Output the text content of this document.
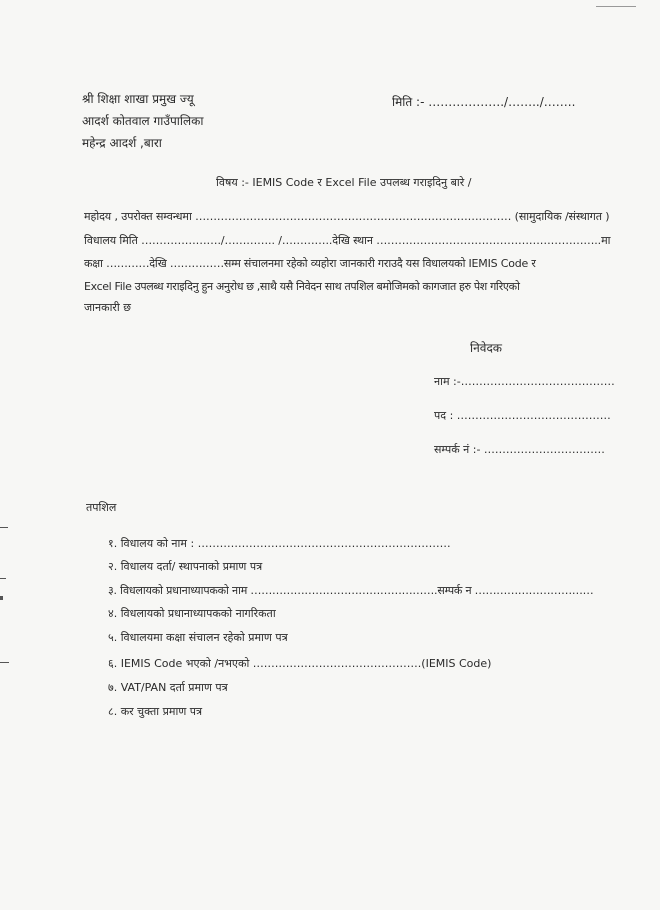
श्री शिक्षा शाखा प्रमुख ज्यू
आदर्श कोतवाल गाउँपालिका
महेन्द्र आदर्श ,बारा
मिति :- ………………./……../……..
विषय :- IEMIS Code र Excel File उपलब्ध गराइदिनु बारे /
महोदय , उपरोक्त सम्वन्धमा …………………………………………………………………………… (सामुदायिक /संस्थागत )
विधालय मिति …………………./………….. /…………..देखि स्थान ……………………………………………………..मा
कक्षा …………देखि ……………सम्म संचालनमा रहेको व्यहोरा जानकारी गराउदै यस विधालयको IEMIS Code र
Excel File उपलब्ध गराइदिनु हुन अनुरोध छ ,साथै यसै निवेदन साथ तपशिल बमोजिमको कागजात हरु पेश गरिएको
जानकारी छ
निवेदक
नाम :-……………………………………
पद : ……………………………………
सम्पर्क नं :- ……………………………
तपशिल
१. विधालय को नाम : ……………………………………………………………
२. विधालय दर्ता/ स्थापनाको प्रमाण पत्र
३. विधलायको प्रधानाध्यापकको नाम …………………………………………….सम्पर्क न ……………………………
४. विधलायको प्रधानाध्यापकको नागरिकता
५. विधालयमा कक्षा संचालन रहेको प्रमाण पत्र
६. IEMIS Code भएको /नभएको ……………………………………….(IEMIS Code)
७. VAT/PAN दर्ता प्रमाण पत्र
८. कर चुक्ता प्रमाण पत्र
